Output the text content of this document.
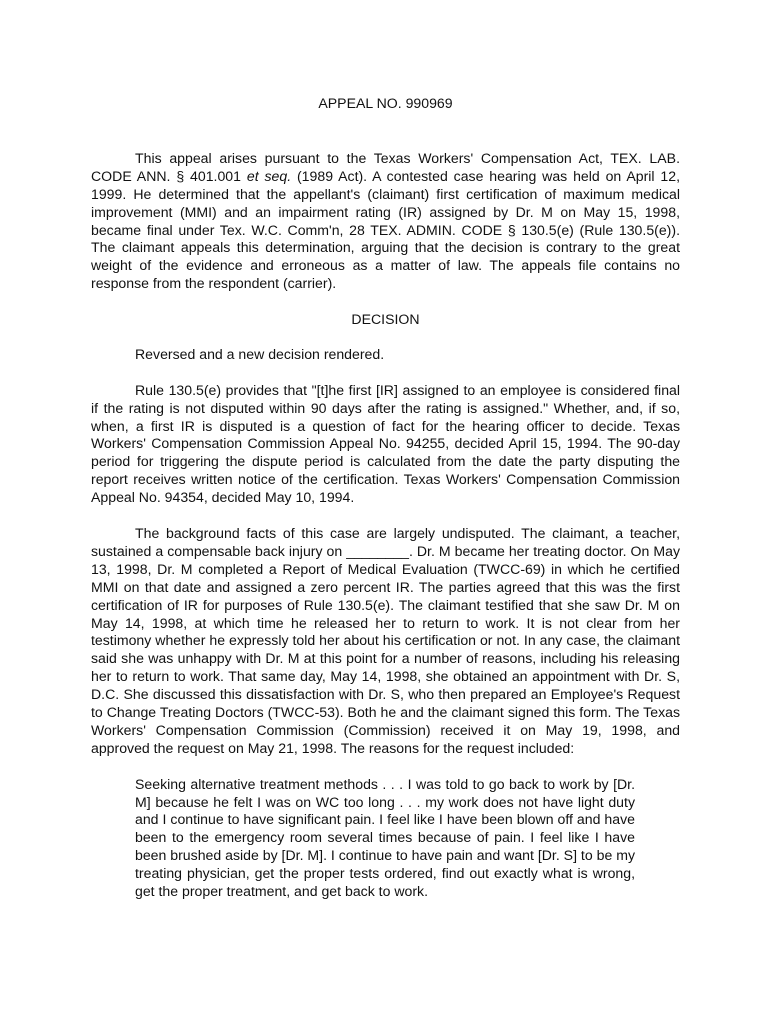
APPEAL NO. 990969

This appeal arises pursuant to the Texas Workers' Compensation Act, TEX. LAB. CODE ANN. § 401.001 et seq. (1989 Act). A contested case hearing was held on April 12, 1999. He determined that the appellant's (claimant) first certification of maximum medical improvement (MMI) and an impairment rating (IR) assigned by Dr. M on May 15, 1998, became final under Tex. W.C. Comm'n, 28 TEX. ADMIN. CODE § 130.5(e) (Rule 130.5(e)). The claimant appeals this determination, arguing that the decision is contrary to the great weight of the evidence and erroneous as a matter of law. The appeals file contains no response from the respondent (carrier).

DECISION

Reversed and a new decision rendered.

Rule 130.5(e) provides that "[t]he first [IR] assigned to an employee is considered final if the rating is not disputed within 90 days after the rating is assigned." Whether, and, if so, when, a first IR is disputed is a question of fact for the hearing officer to decide. Texas Workers' Compensation Commission Appeal No. 94255, decided April 15, 1994. The 90-day period for triggering the dispute period is calculated from the date the party disputing the report receives written notice of the certification. Texas Workers' Compensation Commission Appeal No. 94354, decided May 10, 1994.

The background facts of this case are largely undisputed. The claimant, a teacher, sustained a compensable back injury on ________. Dr. M became her treating doctor. On May 13, 1998, Dr. M completed a Report of Medical Evaluation (TWCC-69) in which he certified MMI on that date and assigned a zero percent IR. The parties agreed that this was the first certification of IR for purposes of Rule 130.5(e). The claimant testified that she saw Dr. M on May 14, 1998, at which time he released her to return to work. It is not clear from her testimony whether he expressly told her about his certification or not. In any case, the claimant said she was unhappy with Dr. M at this point for a number of reasons, including his releasing her to return to work. That same day, May 14, 1998, she obtained an appointment with Dr. S, D.C. She discussed this dissatisfaction with Dr. S, who then prepared an Employee's Request to Change Treating Doctors (TWCC-53). Both he and the claimant signed this form. The Texas Workers' Compensation Commission (Commission) received it on May 19, 1998, and approved the request on May 21, 1998. The reasons for the request included:

Seeking alternative treatment methods . . . I was told to go back to work by [Dr. M] because he felt I was on WC too long . . . my work does not have light duty and I continue to have significant pain. I feel like I have been blown off and have been to the emergency room several times because of pain. I feel like I have been brushed aside by [Dr. M]. I continue to have pain and want [Dr. S] to be my treating physician, get the proper tests ordered, find out exactly what is wrong, get the proper treatment, and get back to work.
